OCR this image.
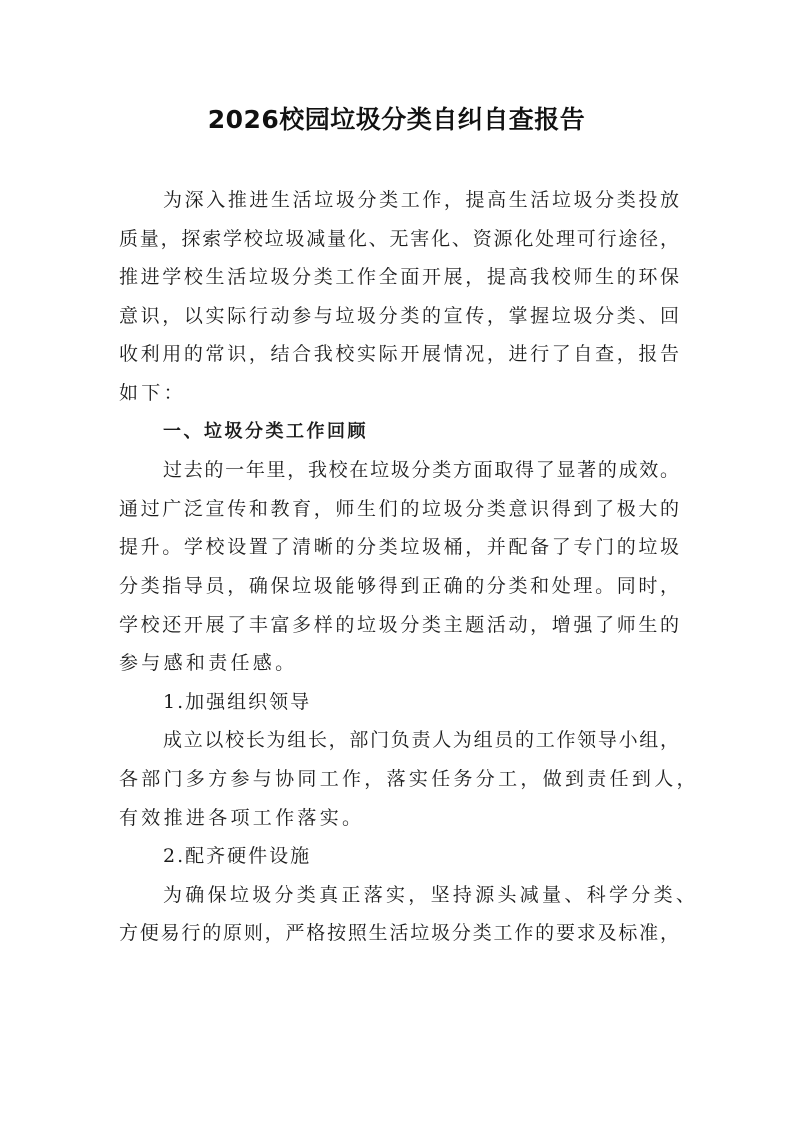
2026校园垃圾分类自纠自查报告
为深入推进生活垃圾分类工作，提高生活垃圾分类投放
质量，探索学校垃圾减量化、无害化、资源化处理可行途径，
推进学校生活垃圾分类工作全面开展，提高我校师生的环保
意识，以实际行动参与垃圾分类的宣传，掌握垃圾分类、回
收利用的常识，结合我校实际开展情况，进行了自查，报告
如下：
一、垃圾分类工作回顾
过去的一年里，我校在垃圾分类方面取得了显著的成效。
通过广泛宣传和教育，师生们的垃圾分类意识得到了极大的
提升。学校设置了清晰的分类垃圾桶，并配备了专门的垃圾
分类指导员，确保垃圾能够得到正确的分类和处理。同时，
学校还开展了丰富多样的垃圾分类主题活动，增强了师生的
参与感和责任感。
1.加强组织领导
成立以校长为组长，部门负责人为组员的工作领导小组，
各部门多方参与协同工作，落实任务分工，做到责任到人，
有效推进各项工作落实。
2.配齐硬件设施
为确保垃圾分类真正落实，坚持源头减量、科学分类、
方便易行的原则，严格按照生活垃圾分类工作的要求及标准，
